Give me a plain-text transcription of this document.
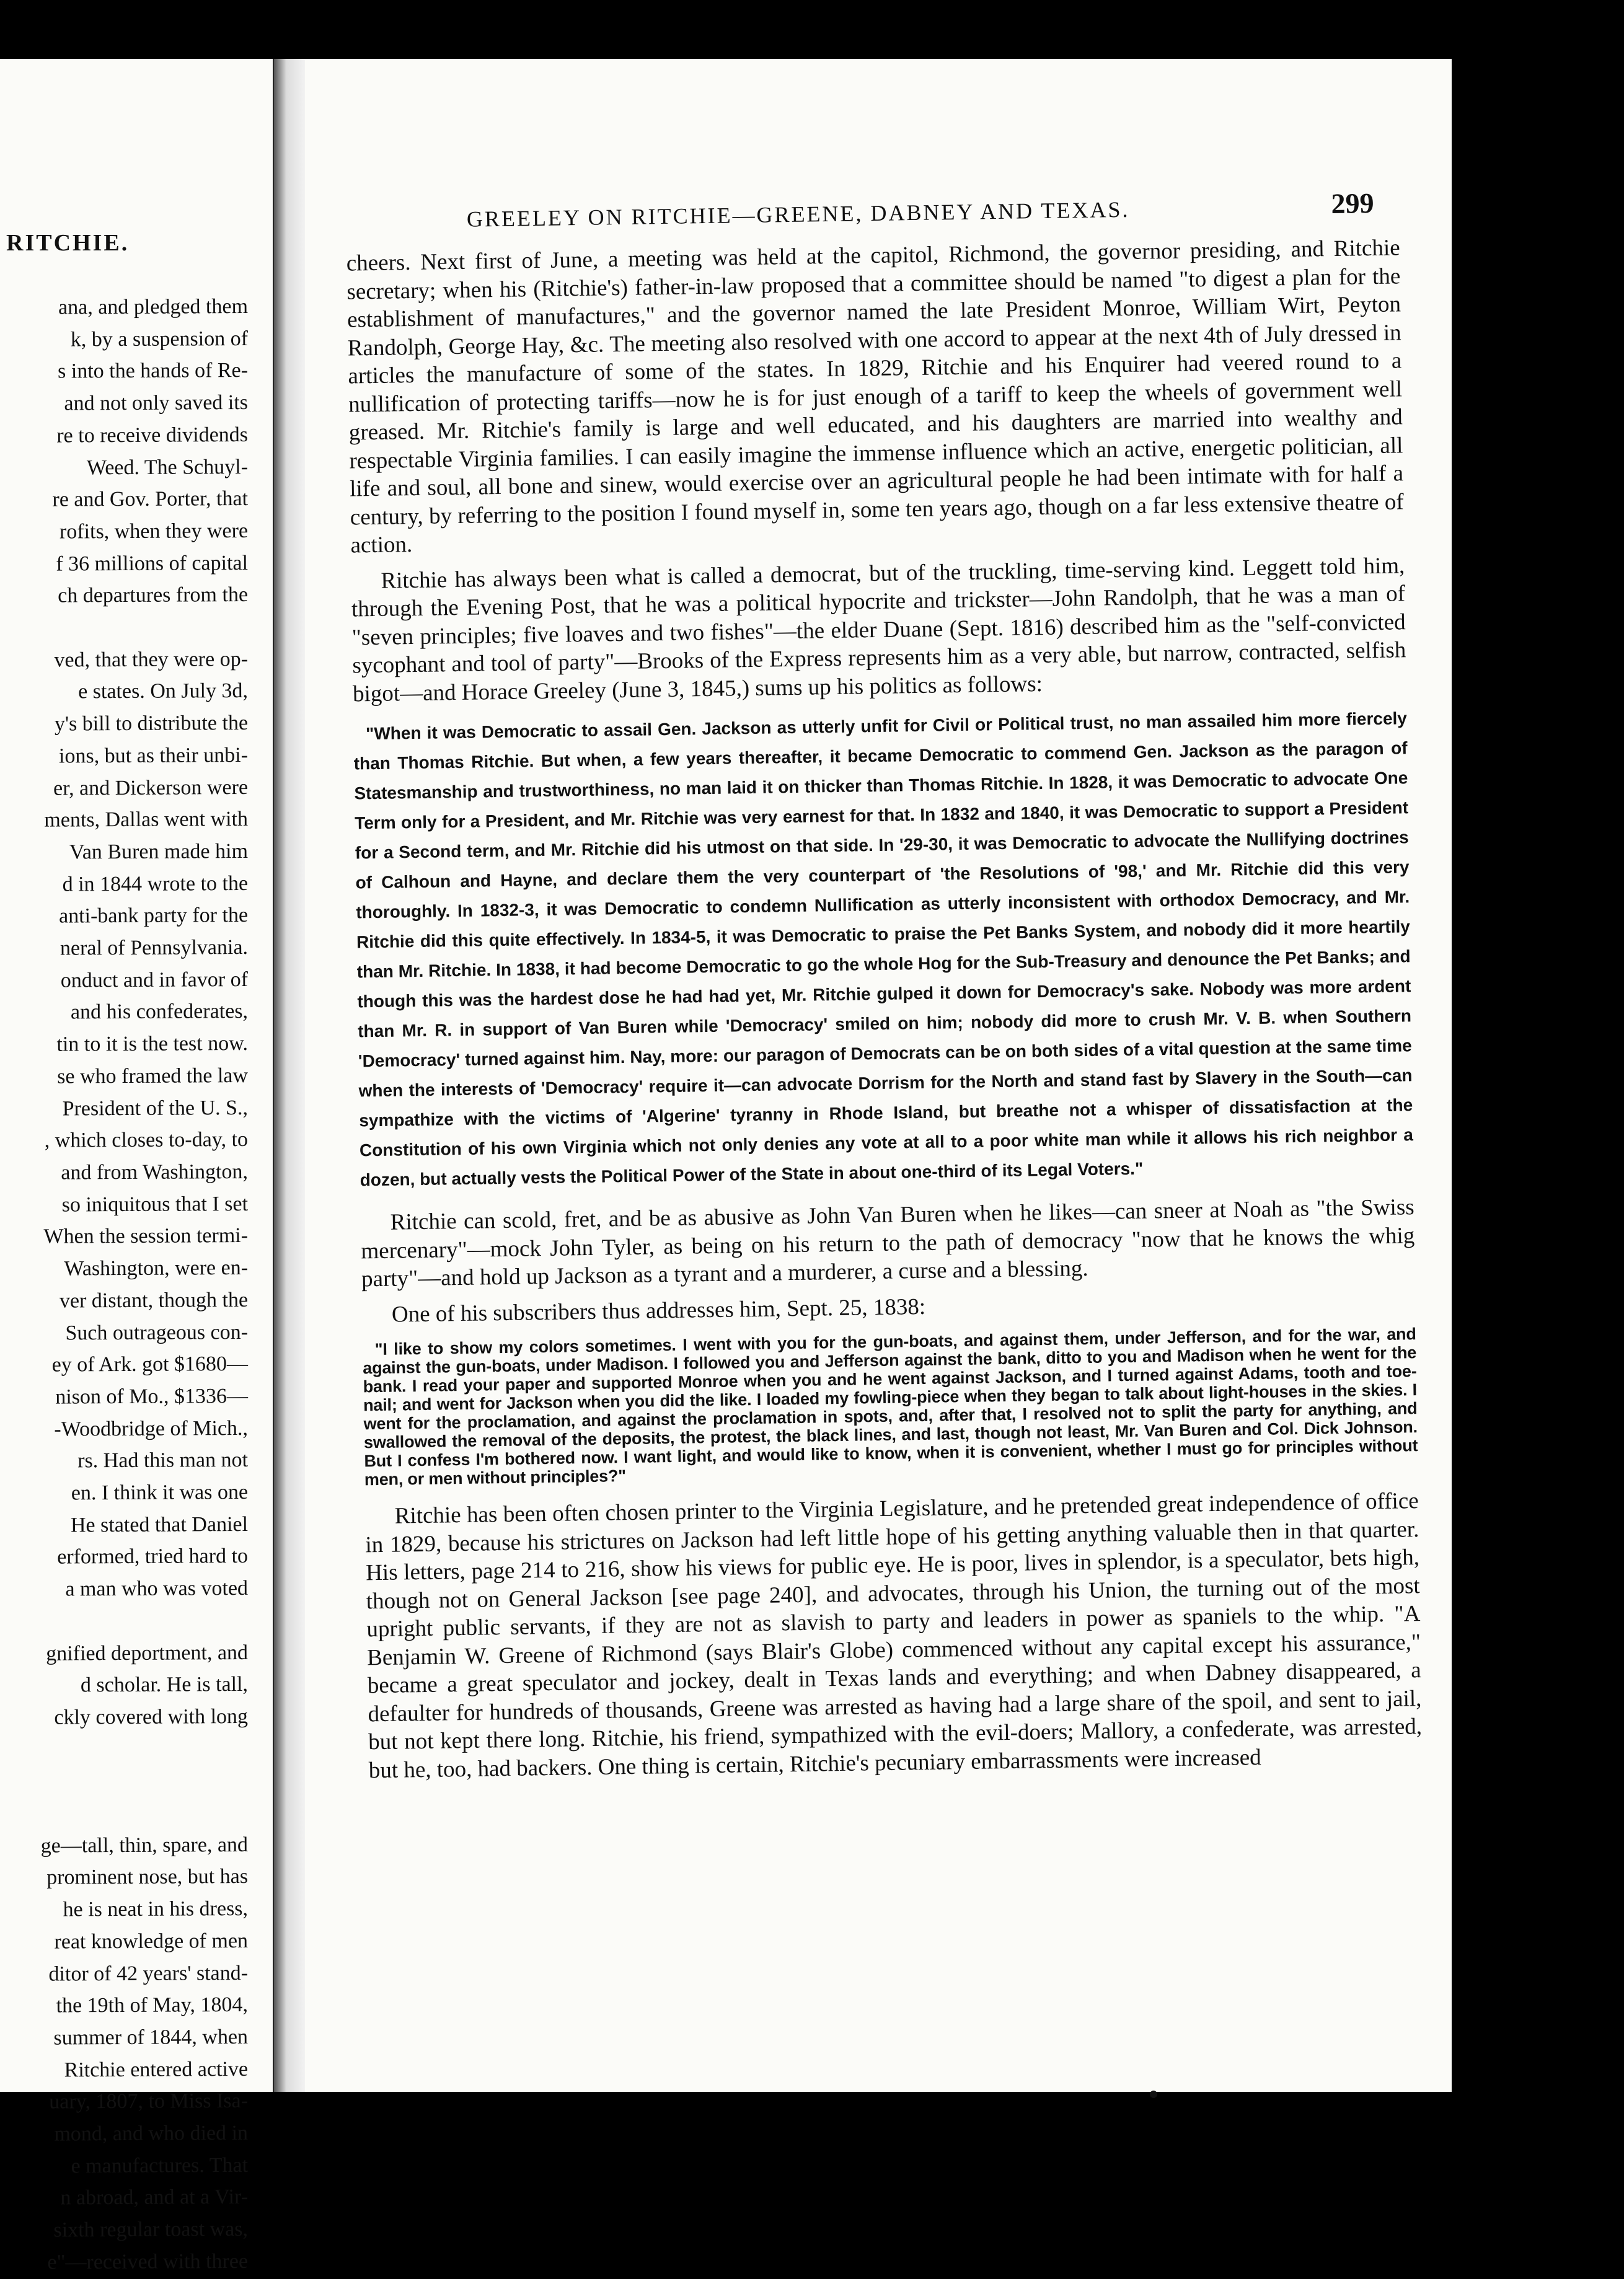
RITCHIE.
ana, and pledged them
k, by a suspension of
s into the hands of Re-
and not only saved its
re to receive dividends
Weed. The Schuyl-
re and Gov. Porter, that
rofits, when they were
f 36 millions of capital
ch departures from the

ved, that they were op-
e states. On July 3d,
y's bill to distribute the
ions, but as their unbi-
er, and Dickerson were
ments, Dallas went with
Van Buren made him
d in 1844 wrote to the
anti-bank party for the
neral of Pennsylvania.
onduct and in favor of
and his confederates,
tin to it is the test now.
se who framed the law
President of the U. S.,
, which closes to-day, to
and from Washington,
so iniquitous that I set
When the session termi-
Washington, were en-
ver distant, though the
Such outrageous con-
ey of Ark. got $1680—
nison of Mo., $1336—
-Woodbridge of Mich.,
rs. Had this man not
en. I think it was one
He stated that Daniel
erformed, tried hard to
a man who was voted

gnified deportment, and
d scholar. He is tall,
ckly covered with long

ge—tall, thin, spare, and
prominent nose, but has
he is neat in his dress,
reat knowledge of men
ditor of 42 years' stand-
the 19th of May, 1804,
summer of 1844, when
Ritchie entered active
uary, 1807, to Miss Isa-
mond, and who died in
e manufactures. That
n abroad, and at a Vir-
sixth regular toast was,
e"—received with three
GREELEY ON RITCHIE—GREENE, DABNEY AND TEXAS.	299

cheers. Next first of June, a meeting was held at the capitol, Richmond, the governor presiding, and Ritchie secretary; when his (Ritchie's) father-in-law proposed that a committee should be named "to digest a plan for the establishment of manufactures," and the governor named the late President Monroe, William Wirt, Peyton Randolph, George Hay, &c. The meeting also resolved with one accord to appear at the next 4th of July dressed in articles the manufacture of some of the states. In 1829, Ritchie and his Enquirer had veered round to a nullification of protecting tariffs—now he is for just enough of a tariff to keep the wheels of government well greased. Mr. Ritchie's family is large and well educated, and his daughters are married into wealthy and respectable Virginia families. I can easily imagine the immense influence which an active, energetic politician, all life and soul, all bone and sinew, would exercise over an agricultural people he had been intimate with for half a century, by referring to the position I found myself in, some ten years ago, though on a far less extensive theatre of action.

Ritchie has always been what is called a democrat, but of the truckling, time-serving kind. Leggett told him, through the Evening Post, that he was a political hypocrite and trickster—John Randolph, that he was a man of "seven principles; five loaves and two fishes"—the elder Duane (Sept. 1816) described him as the "self-convicted sycophant and tool of party"—Brooks of the Express represents him as a very able, but narrow, contracted, selfish bigot—and Horace Greeley (June 3, 1845,) sums up his politics as follows:

"When it was Democratic to assail Gen. Jackson as utterly unfit for Civil or Political trust, no man assailed him more fiercely than Thomas Ritchie. But when, a few years thereafter, it became Democratic to commend Gen. Jackson as the paragon of Statesmanship and trustworthiness, no man laid it on thicker than Thomas Ritchie. In 1828, it was Democratic to advocate One Term only for a President, and Mr. Ritchie was very earnest for that. In 1832 and 1840, it was Democratic to support a President for a Second term, and Mr. Ritchie did his utmost on that side. In '29-30, it was Democratic to advocate the Nullifying doctrines of Calhoun and Hayne, and declare them the very counterpart of 'the Resolutions of '98,' and Mr. Ritchie did this very thoroughly. In 1832-3, it was Democratic to condemn Nullification as utterly inconsistent with orthodox Democracy, and Mr. Ritchie did this quite effectively. In 1834-5, it was Democratic to praise the Pet Banks System, and nobody did it more heartily than Mr. Ritchie. In 1838, it had become Democratic to go the whole Hog for the Sub-Treasury and denounce the Pet Banks; and though this was the hardest dose he had had yet, Mr. Ritchie gulped it down for Democracy's sake. Nobody was more ardent than Mr. R. in support of Van Buren while 'Democracy' smiled on him; nobody did more to crush Mr. V. B. when Southern 'Democracy' turned against him. Nay, more: our paragon of Democrats can be on both sides of a vital question at the same time when the interests of 'Democracy' require it—can advocate Dorrism for the North and stand fast by Slavery in the South—can sympathize with the victims of 'Algerine' tyranny in Rhode Island, but breathe not a whisper of dissatisfaction at the Constitution of his own Virginia which not only denies any vote at all to a poor white man while it allows his rich neighbor a dozen, but actually vests the Political Power of the State in about one-third of its Legal Voters."

Ritchie can scold, fret, and be as abusive as John Van Buren when he likes—can sneer at Noah as "the Swiss mercenary"—mock John Tyler, as being on his return to the path of democracy "now that he knows the whig party"—and hold up Jackson as a tyrant and a murderer, a curse and a blessing.

One of his subscribers thus addresses him, Sept. 25, 1838:

"I like to show my colors sometimes. I went with you for the gun-boats, and against them, under Jefferson, and for the war, and against the gun-boats, under Madison. I followed you and Jefferson against the bank, ditto to you and Madison when he went for the bank. I read your paper and supported Monroe when you and he went against Jackson, and I turned against Adams, tooth and toe-nail; and went for Jackson when you did the like. I loaded my fowling-piece when they began to talk about light-houses in the skies. I went for the proclamation, and against the proclamation in spots, and, after that, I resolved not to split the party for anything, and swallowed the removal of the deposits, the protest, the black lines, and last, though not least, Mr. Van Buren and Col. Dick Johnson. But I confess I'm bothered now. I want light, and would like to know, when it is convenient, whether I must go for principles without men, or men without principles?"

Ritchie has been often chosen printer to the Virginia Legislature, and he pretended great independence of office in 1829, because his strictures on Jackson had left little hope of his getting anything valuable then in that quarter. His letters, page 214 to 216, show his views for public eye. He is poor, lives in splendor, is a speculator, bets high, though not on General Jackson [see page 240], and advocates, through his Union, the turning out of the most upright public servants, if they are not as slavish to party and leaders in power as spaniels to the whip. "A Benjamin W. Greene of Richmond (says Blair's Globe) commenced without any capital except his assurance," became a great speculator and jockey, dealt in Texas lands and everything; and when Dabney disappeared, a defaulter for hundreds of thousands, Greene was arrested as having had a large share of the spoil, and sent to jail, but not kept there long. Ritchie, his friend, sympathized with the evil-doers; Mallory, a confederate, was arrested, but he, too, had backers. One thing is certain, Ritchie's pecuniary embarrassments were increased
